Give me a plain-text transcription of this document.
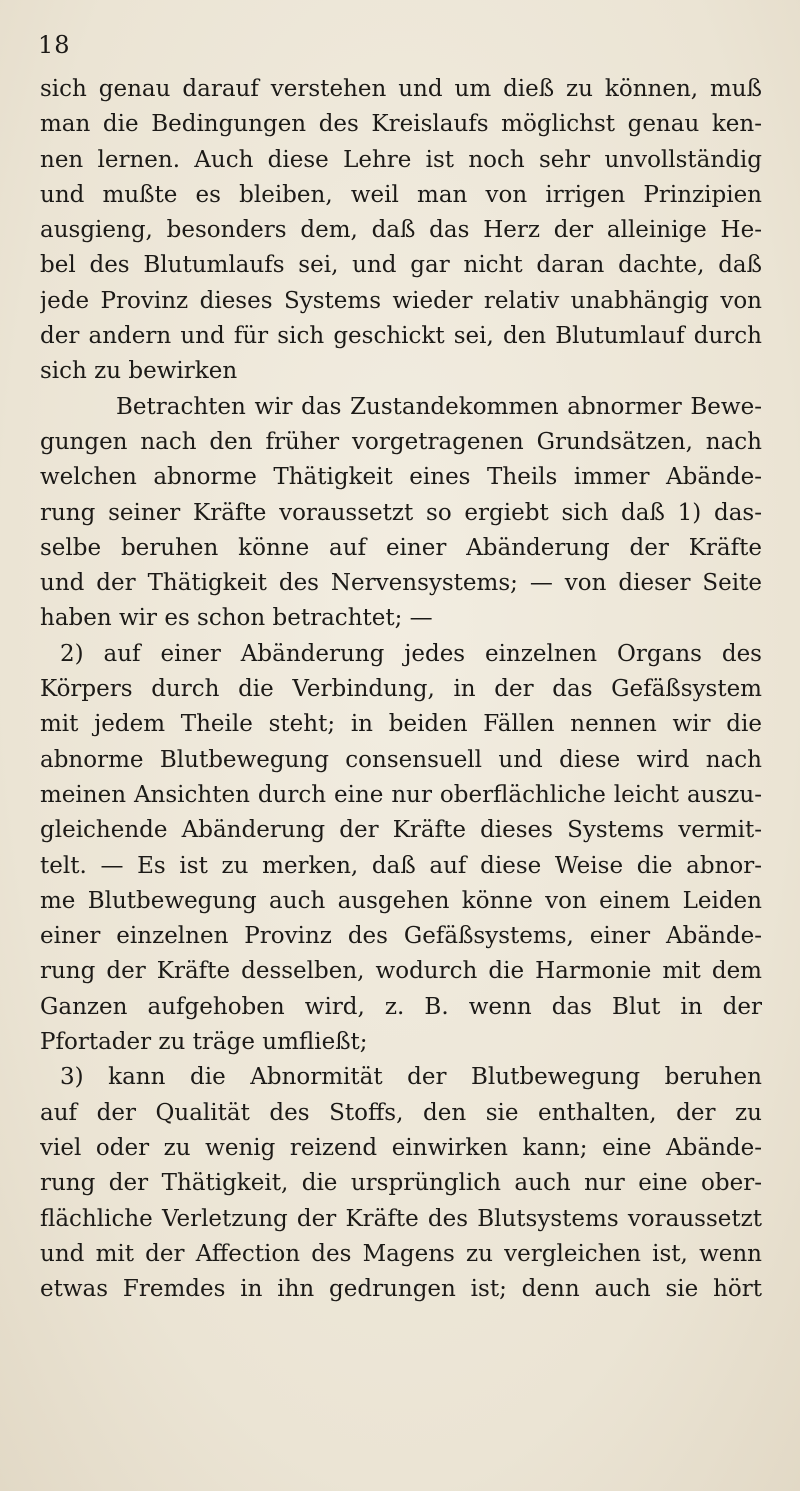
18
sich genau darauf verstehen und um dieß zu können, muß
man die Bedingungen des Kreislaufs möglichst genau ken-
nen lernen. Auch diese Lehre ist noch sehr unvollständig
und mußte es bleiben, weil man von irrigen Prinzipien
ausgieng, besonders dem, daß das Herz der alleinige He-
bel des Blutumlaufs sei, und gar nicht daran dachte, daß
jede Provinz dieses Systems wieder relativ unabhängig von
der andern und für sich geschickt sei, den Blutumlauf durch
sich zu bewirken
Betrachten wir das Zustandekommen abnormer Bewe-
gungen nach den früher vorgetragenen Grundsätzen, nach
welchen abnorme Thätigkeit eines Theils immer Abände-
rung seiner Kräfte voraussetzt so ergiebt sich daß 1) das-
selbe beruhen könne auf einer Abänderung der Kräfte
und der Thätigkeit des Nervensystems; — von dieser Seite
haben wir es schon betrachtet; —
2) auf einer Abänderung jedes einzelnen Organs des
Körpers durch die Verbindung, in der das Gefäßsystem
mit jedem Theile steht; in beiden Fällen nennen wir die
abnorme Blutbewegung consensuell und diese wird nach
meinen Ansichten durch eine nur oberflächliche leicht auszu-
gleichende Abänderung der Kräfte dieses Systems vermit-
telt. — Es ist zu merken, daß auf diese Weise die abnor-
me Blutbewegung auch ausgehen könne von einem Leiden
einer einzelnen Provinz des Gefäßsystems, einer Abände-
rung der Kräfte desselben, wodurch die Harmonie mit dem
Ganzen aufgehoben wird, z. B. wenn das Blut in der
Pfortader zu träge umfließt;
3) kann die Abnormität der Blutbewegung beruhen
auf der Qualität des Stoffs, den sie enthalten, der zu
viel oder zu wenig reizend einwirken kann; eine Abände-
rung der Thätigkeit, die ursprünglich auch nur eine ober-
flächliche Verletzung der Kräfte des Blutsystems voraussetzt
und mit der Affection des Magens zu vergleichen ist, wenn
etwas Fremdes in ihn gedrungen ist; denn auch sie hört
